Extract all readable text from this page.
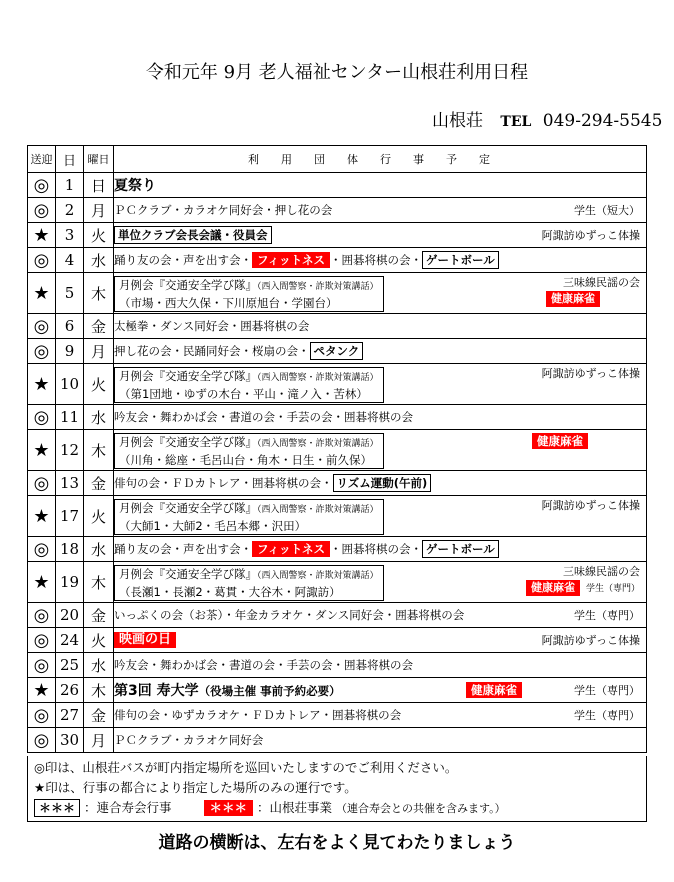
令和元年 9月 老人福祉センター山根荘利用日程
山根荘 TEL 049-294-5545
送迎	日	曜日	利用団体行事予定
◎	1	日	夏祭り
◎	2	月	ＰＣクラブ・カラオケ同好会・押し花の会 学生（短大）

★	3	火	単位クラブ会長会議・役員会 阿諏訪ゆずっこ体操

◎	4	水	踊り友の会・声を出す会・ フィットネス ・囲碁将棋の会・ ゲートボール
★	5	木	月例会『交通安全学び隊』（西入間警察・詐欺対策講話）
（市場・西大久保・下川原旭台・学園台）
三味線民謡の会
健康麻雀

◎	6	金	太極拳・ダンス同好会・囲碁将棋の会
◎	9	月	押し花の会・民踊同好会・桜扇の会・ ペタンク
★	10	火	月例会『交通安全学び隊』（西入間警察・詐欺対策講話）
（第1団地・ゆずの木台・平山・滝ノ入・苦林）
阿諏訪ゆずっこ体操

◎	11	水	吟友会・舞わかば会・書道の会・手芸の会・囲碁将棋の会
★	12	木	月例会『交通安全学び隊』（西入間警察・詐欺対策講話）
（川角・総座・毛呂山台・角木・日生・前久保）
健康麻雀

◎	13	金	俳句の会・ＦＤカトレア・囲碁将棋の会・ リズム運動(午前)
★	17	火	月例会『交通安全学び隊』（西入間警察・詐欺対策講話）
（大師1・大師2・毛呂本郷・沢田）
阿諏訪ゆずっこ体操

◎	18	水	踊り友の会・声を出す会・ フィットネス ・囲碁将棋の会・ ゲートボール
★	19	木	月例会『交通安全学び隊』（西入間警察・詐欺対策講話）
（長瀬1・長瀬2・葛貫・大谷木・阿諏訪）
三味線民謡の会
健康麻雀 学生（専門）

◎	20	金	いっぷくの会（お茶）・年金カラオケ・ダンス同好会・囲碁将棋の会 学生（専門）

◎	24	火	映画の日 阿諏訪ゆずっこ体操

◎	25	水	吟友会・舞わかば会・書道の会・手芸の会・囲碁将棋の会
★	26	木	第3回 寿大学（役場主催 事前予約必要） 健康麻雀 学生（専門）

◎	27	金	俳句の会・ゆずカラオケ・ＦＤカトレア・囲碁将棋の会 学生（専門）

◎	30	月	ＰＣクラブ・カラオケ同好会
◎印は、山根荘バスが町内指定場所を巡回いたしますのでご利用ください。
★印は、行事の都合により指定した場所のみの運行です。
＊＊＊ ：連合寿会行事	＊＊＊ ：山根荘事業 （連合寿会との共催を含みます。）
道路の横断は、左右をよく見てわたりましょう
